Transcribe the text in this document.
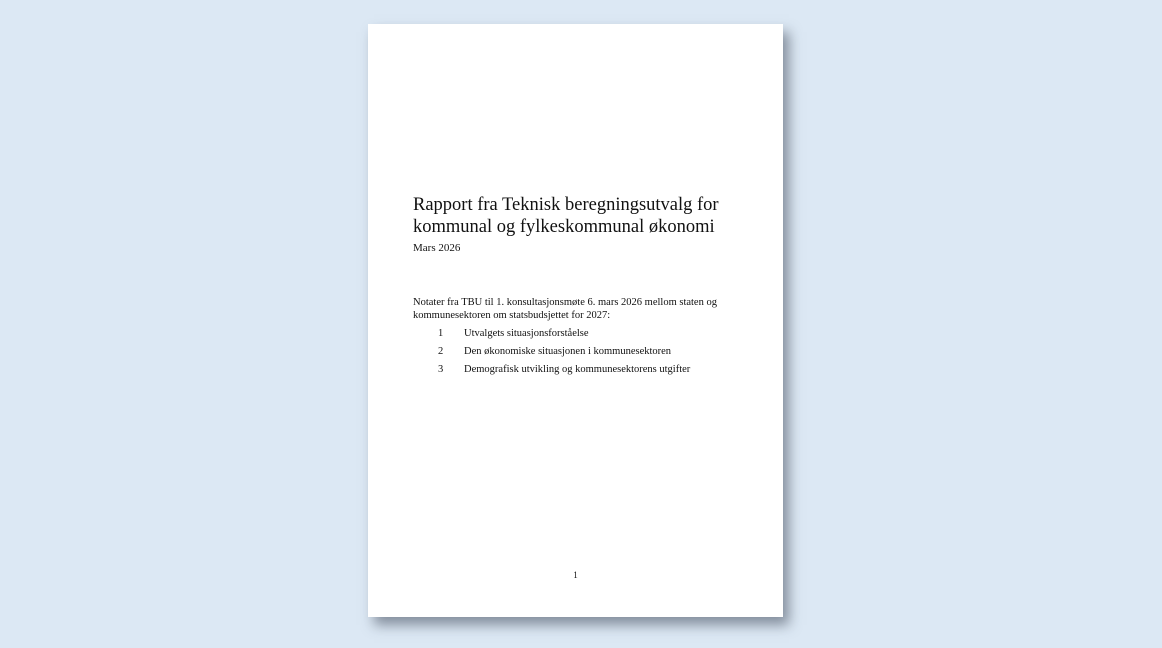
Rapport fra Teknisk beregningsutvalg for
kommunal og fylkeskommunal økonomi
Mars 2026
Notater fra TBU til 1. konsultasjonsmøte 6. mars 2026 mellom staten og
kommunesektoren om statsbudsjettet for 2027:
1 Utvalgets situasjonsforståelse
2 Den økonomiske situasjonen i kommunesektoren
3 Demografisk utvikling og kommunesektorens utgifter
1
